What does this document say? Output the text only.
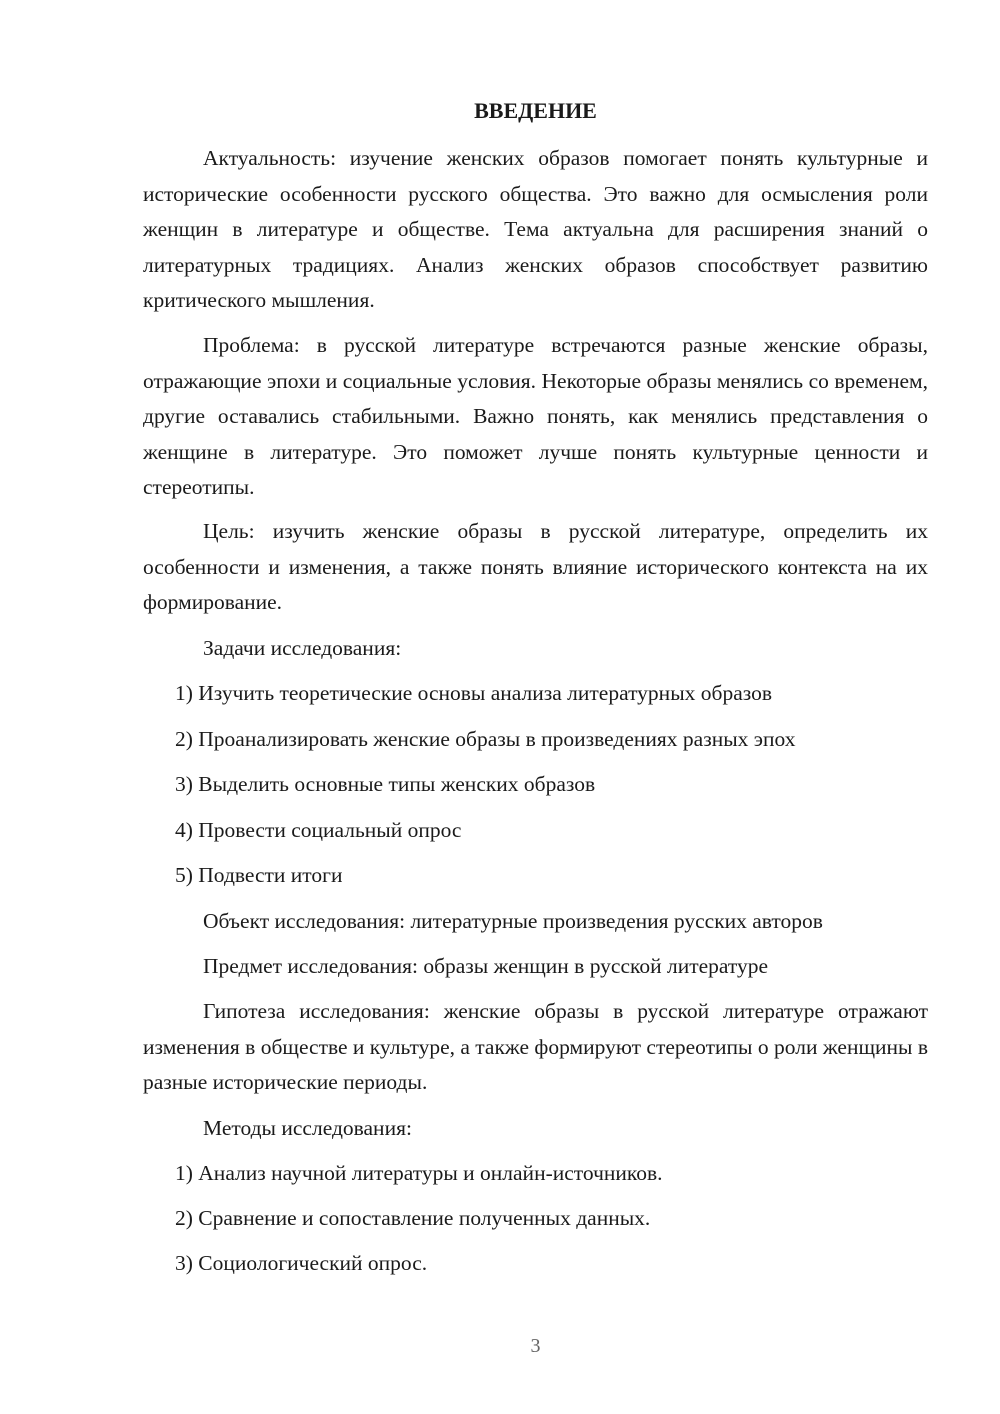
ВВЕДЕНИЕ

Актуальность: изучение женских образов помогает понять культурные и исторические особенности русского общества. Это важно для осмысления роли женщин в литературе и обществе. Тема актуальна для расширения знаний о литературных традициях. Анализ женских образов способствует развитию критического мышления.

Проблема: в русской литературе встречаются разные женские образы, отражающие эпохи и социальные условия. Некоторые образы менялись со временем, другие оставались стабильными. Важно понять, как менялись представления о женщине в литературе. Это поможет лучше понять культурные ценности и стереотипы.

Цель: изучить женские образы в русской литературе, определить их особенности и изменения, а также понять влияние исторического контекста на их формирование.

Задачи исследования:

1) Изучить теоретические основы анализа литературных образов

2) Проанализировать женские образы в произведениях разных эпох

3) Выделить основные типы женских образов

4) Провести социальный опрос

5) Подвести итоги

Объект исследования: литературные произведения русских авторов

Предмет исследования: образы женщин в русской литературе

Гипотеза исследования: женские образы в русской литературе отражают изменения в обществе и культуре, а также формируют стереотипы о роли женщины в разные исторические периоды.

Методы исследования:

1) Анализ научной литературы и онлайн-источников.

2) Сравнение и сопоставление полученных данных.

3) Социологический опрос.

3
